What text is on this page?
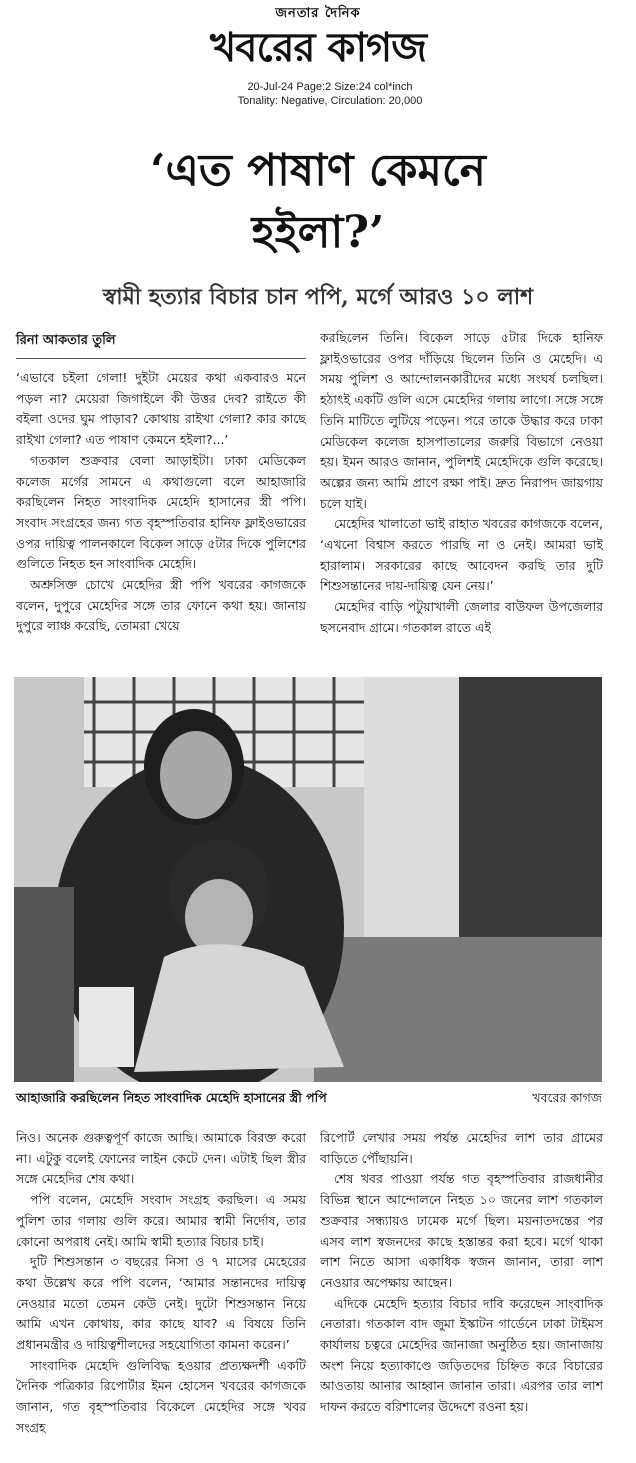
জনতার দৈনিক
খবরের কাগজ
20-Jul-24 Page:2 Size:24 col*inch
Tonality: Negative, Circulation: 20,000
‘এত পাষাণ কেমনে
হইলা?’
স্বামী হত্যার বিচার চান পপি, মর্গে আরও ১০ লাশ
রিনা আকতার তুলি

‘এভাবে চইলা গেলা! দুইটা মেয়ের কথা একবারও মনে পড়ল না? মেয়েরা জিগাইলে কী উত্তর দেব? রাইতে কী বইলা ওদের ঘুম পাড়াব? কোথায় রাইখা গেলা? কার কাছে রাইখা গেলা? এত পাষাণ কেমনে হইলা?...’

গতকাল শুক্রবার বেলা আড়াইটা। ঢাকা মেডিকেল কলেজ মর্গের সামনে এ কথাগুলো বলে আহাজারি করছিলেন নিহত সাংবাদিক মেহেদি হাসানের স্ত্রী পপি। সংবাদ সংগ্রহের জন্য গত বৃহস্পতিবার হানিফ ফ্লাইওভারের ওপর দায়িত্ব পালনকালে বিকেল সাড়ে ৫টার দিকে পুলিশের গুলিতে নিহত হন সাংবাদিক মেহেদি।

অশ্রুসিক্ত চোখে মেহেদির স্ত্রী পপি খবরের কাগজকে বলেন, দুপুরে মেহেদির সঙ্গে তার ফোনে কথা হয়। জানায় দুপুরে লাঞ্চ করেছি, তোমরা খেয়ে

করছিলেন তিনি। বিকেল সাড়ে ৫টার দিকে হানিফ ফ্লাইওভারের ওপর দাঁড়িয়ে ছিলেন তিনি ও মেহেদি। এ সময় পুলিশ ও আন্দোলনকারীদের মধ্যে সংঘর্ষ চলছিল। হঠাৎই একটি গুলি এসে মেহেদির গলায় লাগে। সঙ্গে সঙ্গে তিনি মাটিতে লুটিয়ে পড়েন। পরে তাকে উদ্ধার করে ঢাকা মেডিকেল কলেজ হাসপাতালের জরুরি বিভাগে নেওয়া হয়। ইমন আরও জানান, পুলিশই মেহেদিকে গুলি করেছে। অল্পের জন্য আমি প্রাণে রক্ষা পাই। দ্রুত নিরাপদ জায়গায় চলে যাই।

মেহেদির খালাতো ভাই রাহাত খবরের কাগজকে বলেন, ‘এখনো বিশ্বাস করতে পারছি না ও নেই। আমরা ভাই হারালাম। সরকারের কাছে আবেদন করছি তার দুটি শিশুসন্তানের দায়-দায়িত্ব যেন নেয়।’

মেহেদির বাড়ি পটুয়াখালী জেলার বাউফল উপজেলার ছসনেবাদ গ্রামে। গতকাল রাতে এই

আহাজারি করছিলেন নিহত সাংবাদিক মেহেদি হাসানের স্ত্রী পপি	খবরের কাগজ

নিও। অনেক গুরুত্বপূর্ণ কাজে আছি। আমাকে বিরক্ত করো না। এটুকু বলেই ফোনের লাইন কেটে দেন। এটাই ছিল স্ত্রীর সঙ্গে মেহেদির শেষ কথা।

পপি বলেন, মেহেদি সংবাদ সংগ্রহ করছিল। এ সময় পুলিশ তার গলায় গুলি করে। আমার স্বামী নির্দোষ, তার কোনো অপরাধ নেই। আমি স্বামী হত্যার বিচার চাই।

দুটি শিশুসন্তান ৩ বছরের নিসা ও ৭ মাসের মেহেরের কথা উল্লেখ করে পপি বলেন, ‘আমার সন্তানদের দায়িত্ব নেওয়ার মতো তেমন কেউ নেই। দুটো শিশুসন্তান নিয়ে আমি এখন কোথায়, কার কাছে যাব? এ বিষয়ে তিনি প্রধানমন্ত্রীর ও দায়িত্বশীলদের সহযোগিতা কামনা করেন।’

সাংবাদিক মেহেদি গুলিবিদ্ধ হওয়ার প্রত্যক্ষদর্শী একটি দৈনিক পত্রিকার রিপোর্টার ইমন হোসেন খবরের কাগজকে জানান, গত বৃহস্পতিবার বিকেলে মেহেদির সঙ্গে খবর সংগ্রহ

রিপোর্ট লেখার সময় পর্যন্ত মেহেদির লাশ তার গ্রামের বাড়িতে পৌঁছায়নি।

শেষ খবর পাওয়া পর্যন্ত গত বৃহস্পতিবার রাজধানীর বিভিন্ন স্থানে আন্দোলনে নিহত ১০ জনের লাশ গতকাল শুক্রবার সন্ধ্যায়ও ঢামেক মর্গে ছিল। ময়নাতদন্তের পর এসব লাশ স্বজনদের কাছে হস্তান্তর করা হবে। মর্গে থাকা লাশ নিতে আসা একাধিক স্বজন জানান, তারা লাশ নেওয়ার অপেক্ষায় আছেন।

এদিকে মেহেদি হত্যার বিচার দাবি করেছেন সাংবাদিক নেতারা। গতকাল বাদ জুমা ইস্কাটন গার্ডেনে ঢাকা টাইমস কার্যালয় চত্বরে মেহেদির জানাজা অনুষ্ঠিত হয়। জানাজায় অংশ নিয়ে হত্যাকাণ্ডে জড়িতদের চিহ্নিত করে বিচারের আওতায় আনার আহ্বান জানান তারা। এরপর তার লাশ দাফন করতে বরিশালের উদ্দেশে রওনা হয়।
